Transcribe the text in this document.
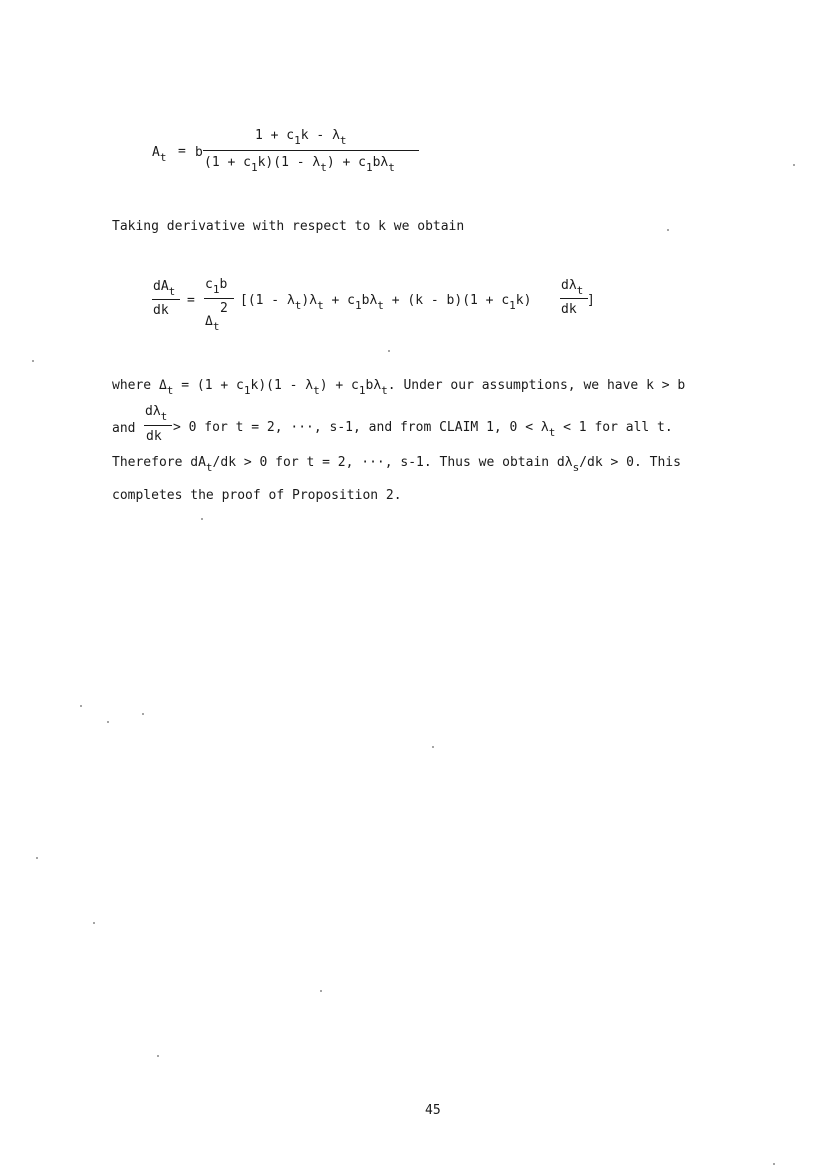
$A_t = b$
$1 + c_1k - \lambda_t$
$(1 + c_1k)(1 - \lambda_t) + c_1b\lambda_t$
Taking derivative with respect to k we obtain
$dA_t$
dk
=
$c_1b$
2
$\Delta_t$
[$(1 - \lambda_t)\lambda_t + c_1b\lambda_t + (k - b)(1 + c_1k)$
$d\lambda_t$
dk
]
where $\Delta_t = (1 + c_1k)(1 - \lambda_t) + c_1b\lambda_t$. Under our assumptions, we have k > b
and
$d\lambda_t$
dk
> 0 for t = 2, ···, s-1, and from CLAIM 1, $0 < \lambda_t < 1$ for all t.
Therefore $dA_t/dk > 0$ for t = 2, ···, s-1. Thus we obtain $d\lambda_s/dk > 0$. This
completes the proof of Proposition 2.
45
